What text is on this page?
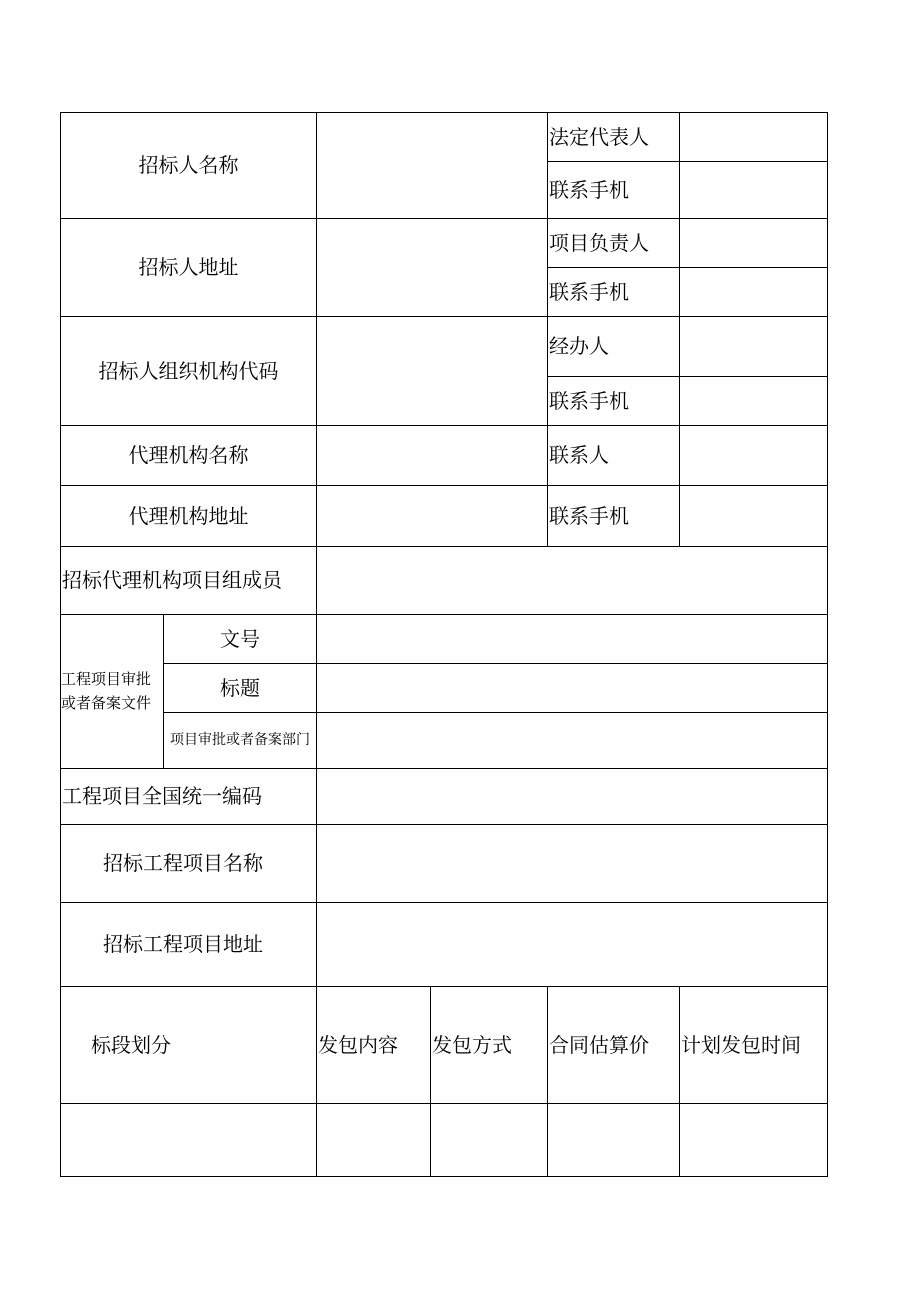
招标人名称				法定代表人	
				联系手机	
招标人地址				项目负责人	
				联系手机	
招标人组织机构代码				经办人	
				联系手机	
代理机构名称				联系人	
代理机构地址				联系手机	
招标代理机构项目组成员					
工程项目审批或者备案文件	文号				
	标题				
	项目审批或者备案部门				
工程项目全国统一编码					
招标工程项目名称					
招标工程项目地址					
标段划分		发包内容	发包方式	合同估算价	计划发包时间
